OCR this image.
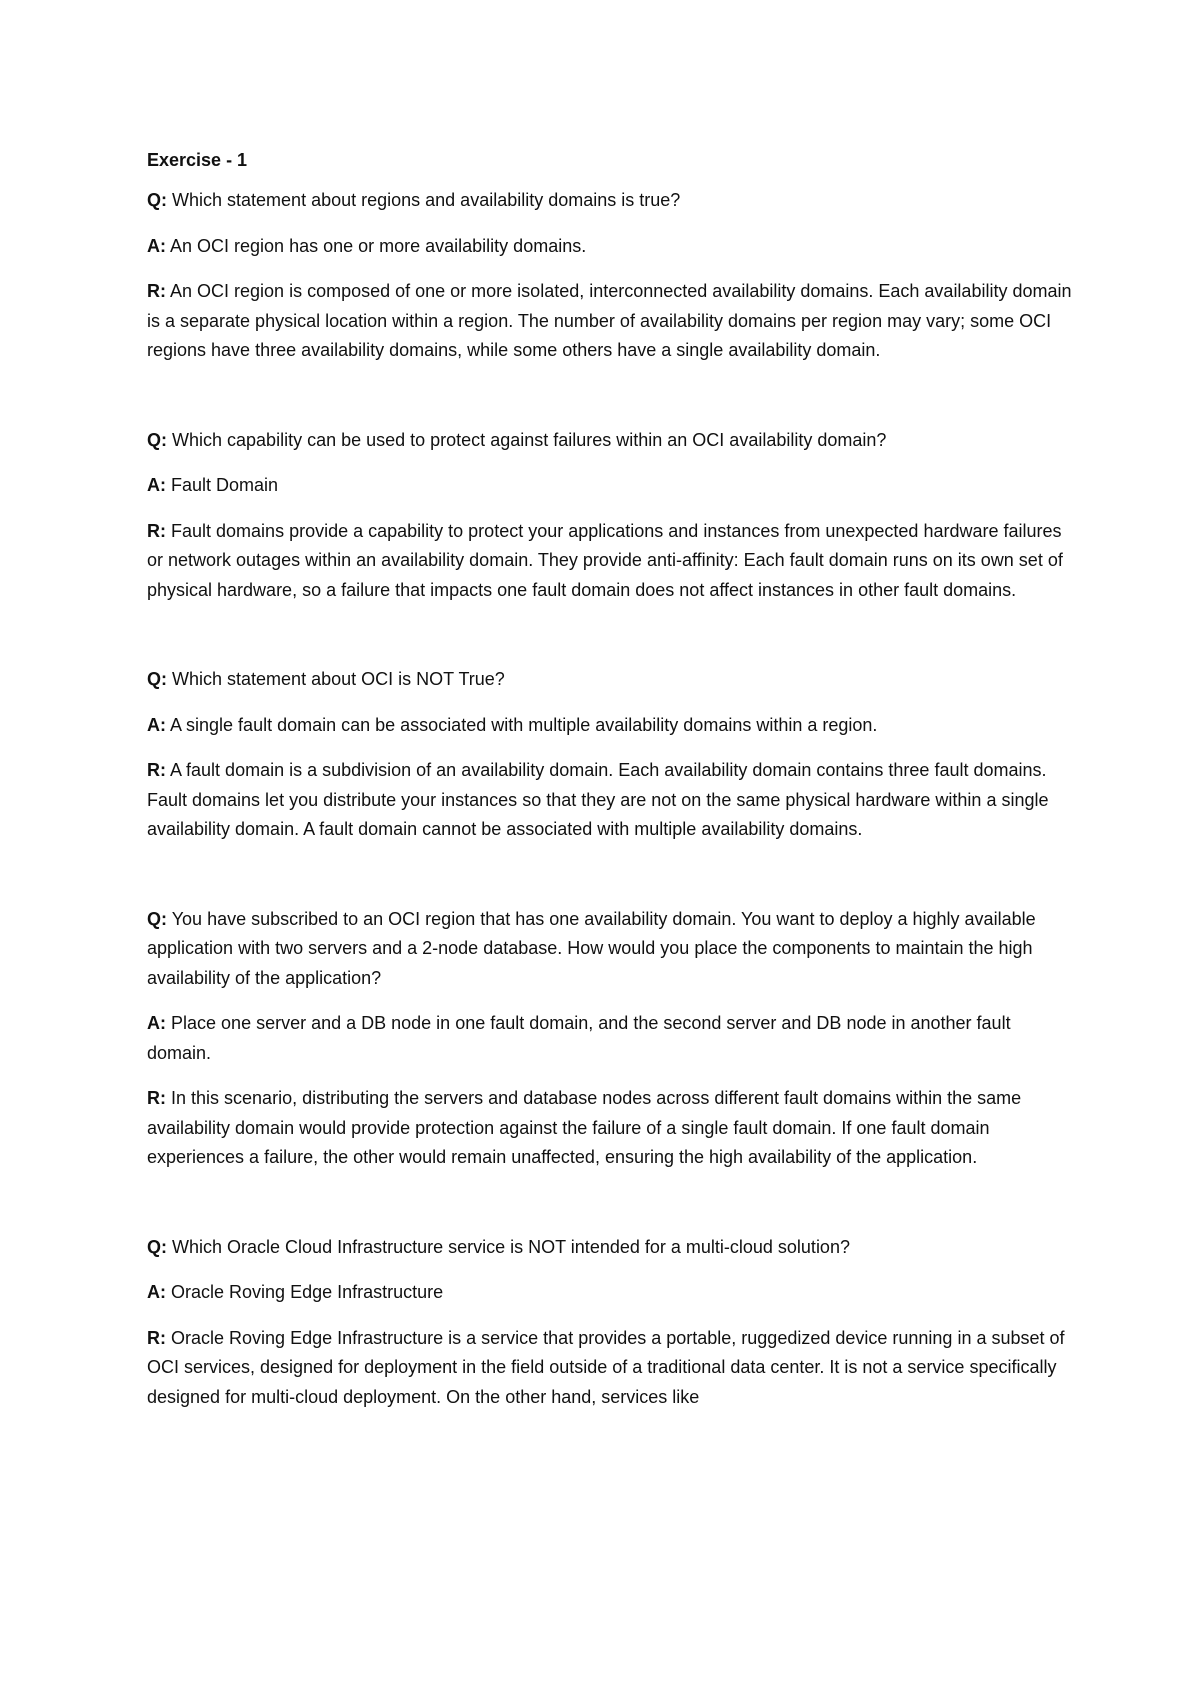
Exercise - 1

Q: Which statement about regions and availability domains is true?

A: An OCI region has one or more availability domains.

R: An OCI region is composed of one or more isolated, interconnected availability domains. Each availability domain is a separate physical location within a region. The number of availability domains per region may vary; some OCI regions have three availability domains, while some others have a single availability domain.

Q: Which capability can be used to protect against failures within an OCI availability domain?

A: Fault Domain

R: Fault domains provide a capability to protect your applications and instances from unexpected hardware failures or network outages within an availability domain. They provide anti-affinity: Each fault domain runs on its own set of physical hardware, so a failure that impacts one fault domain does not affect instances in other fault domains.

Q: Which statement about OCI is NOT True?

A: A single fault domain can be associated with multiple availability domains within a region.

R: A fault domain is a subdivision of an availability domain. Each availability domain contains three fault domains. Fault domains let you distribute your instances so that they are not on the same physical hardware within a single availability domain. A fault domain cannot be associated with multiple availability domains.

Q: You have subscribed to an OCI region that has one availability domain. You want to deploy a highly available application with two servers and a 2-node database. How would you place the components to maintain the high availability of the application?

A: Place one server and a DB node in one fault domain, and the second server and DB node in another fault domain.

R: In this scenario, distributing the servers and database nodes across different fault domains within the same availability domain would provide protection against the failure of a single fault domain. If one fault domain experiences a failure, the other would remain unaffected, ensuring the high availability of the application.

Q: Which Oracle Cloud Infrastructure service is NOT intended for a multi-cloud solution?

A: Oracle Roving Edge Infrastructure

R: Oracle Roving Edge Infrastructure is a service that provides a portable, ruggedized device running in a subset of OCI services, designed for deployment in the field outside of a traditional data center. It is not a service specifically designed for multi-cloud deployment. On the other hand, services like
